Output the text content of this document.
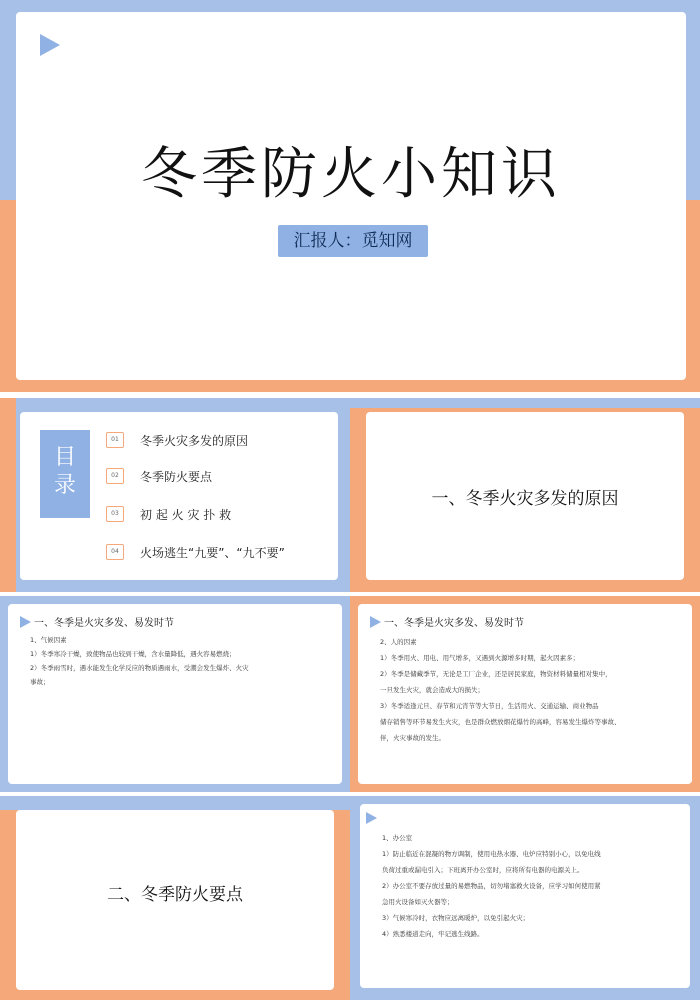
冬季防火小知识
汇报人：觅知网
目录
01	冬季火灾多发的原因
02	冬季防火要点
03	初 起 火 灾 扑 救
04	火场逃生“九要”、“九不要”
一、冬季火灾多发的原因
一、冬季是火灾多发、易发时节
1、气候因素
1）冬季寒冷干燥，致使物品也较到干燥，含水量降低，遇火容易燃烧；
2）冬季雨雪时，遇水能发生化学反应的物质遇雨水，受潮会发生爆炸、火灾
事故；
一、冬季是火灾多发、易发时节
2、人的因素
1）冬季用火、用电、用气增多，又遇到火源增多时期，起火因素多；
2）冬季是储藏季节，无论是工厂企业，还是居民家庭，物资材料储量相对集中，
一旦发生火灾，就会造成大的损失；
3）冬季适逢元旦、春节和元宵节等大节日，生活用火、交通运输、商业物品
储存销售等环节易发生火灾，也是群众燃放烟花爆竹的高峰，容易发生爆炸等事故、
伴，火灾事故的发生。
二、冬季防火要点
1、办公室
1）防止临近在混凝的物方调制，使用电热水器、电炉应特别小心，以免电线
负荷过重或漏电引入；下班离开办公室时，应将所有电器的电源关上。
2）办公室不要存放过量的易燃物品，切勿堵塞救火设备，应学习如何使用紧
急用火设备如灭火器等；
3）气候寒冷时，衣物应远离暖炉，以免引起火灾；
4）熟悉楼道走向，牢记逃生线路。
